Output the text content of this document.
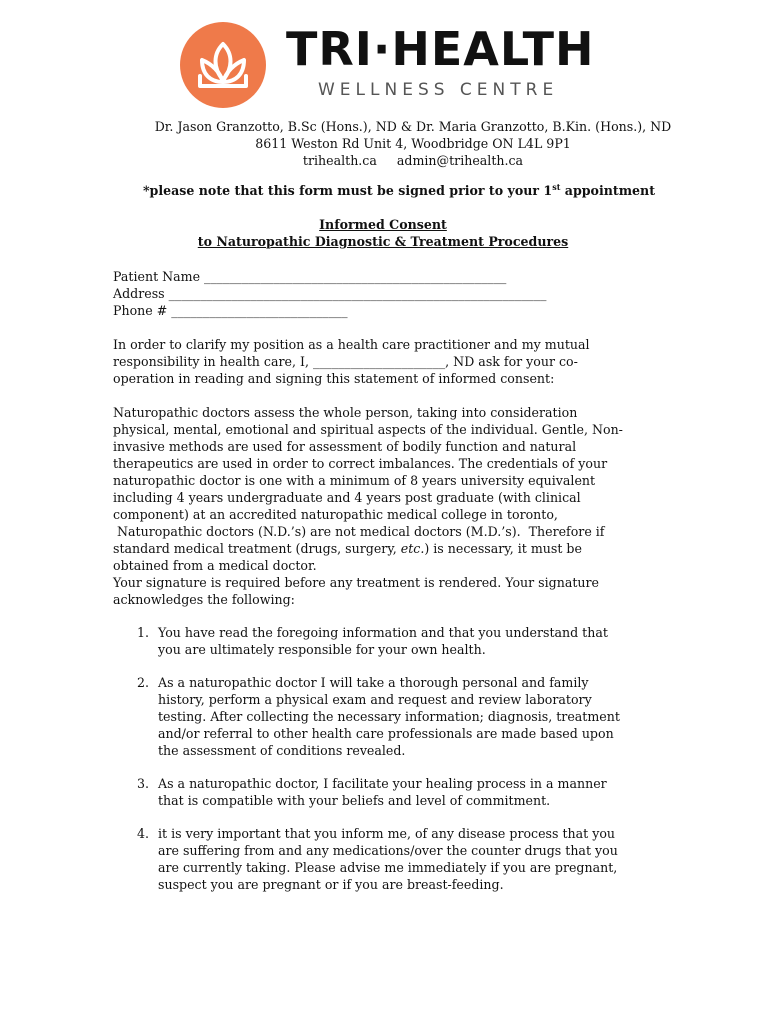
TRI·HEALTH
WELLNESS CENTRE
Dr. Jason Granzotto, B.Sc (Hons.), ND & Dr. Maria Granzotto, B.Kin. (Hons.), ND
8611 Weston Rd Unit 4, Woodbridge ON L4L 9P1
trihealth.ca admin@trihealth.ca
*please note that this form must be signed prior to your 1st appointment
Informed Consent
to Naturopathic Diagnostic & Treatment Procedures
Patient Name ________________________________________________
Address ____________________________________________________________
Phone # ____________________________
In order to clarify my position as a health care practitioner and my mutual
responsibility in health care, I, _____________________, ND ask for your co-
operation in reading and signing this statement of informed consent:
Naturopathic doctors assess the whole person, taking into consideration
physical, mental, emotional and spiritual aspects of the individual. Gentle, Non-
invasive methods are used for assessment of bodily function and natural
therapeutics are used in order to correct imbalances. The credentials of your
naturopathic doctor is one with a minimum of 8 years university equivalent
including 4 years undergraduate and 4 years post graduate (with clinical
component) at an accredited naturopathic medical college in toronto,
Naturopathic doctors (N.D.’s) are not medical doctors (M.D.’s).  Therefore if
standard medical treatment (drugs, surgery, etc.) is necessary, it must be
obtained from a medical doctor.
Your signature is required before any treatment is rendered. Your signature
acknowledges the following:
1. You have read the foregoing information and that you understand that
you are ultimately responsible for your own health.
2. As a naturopathic doctor I will take a thorough personal and family
history, perform a physical exam and request and review laboratory
testing. After collecting the necessary information; diagnosis, treatment
and/or referral to other health care professionals are made based upon
the assessment of conditions revealed.
3. As a naturopathic doctor, I facilitate your healing process in a manner
that is compatible with your beliefs and level of commitment.
4. it is very important that you inform me, of any disease process that you
are suffering from and any medications/over the counter drugs that you
are currently taking. Please advise me immediately if you are pregnant,
suspect you are pregnant or if you are breast-feeding.
